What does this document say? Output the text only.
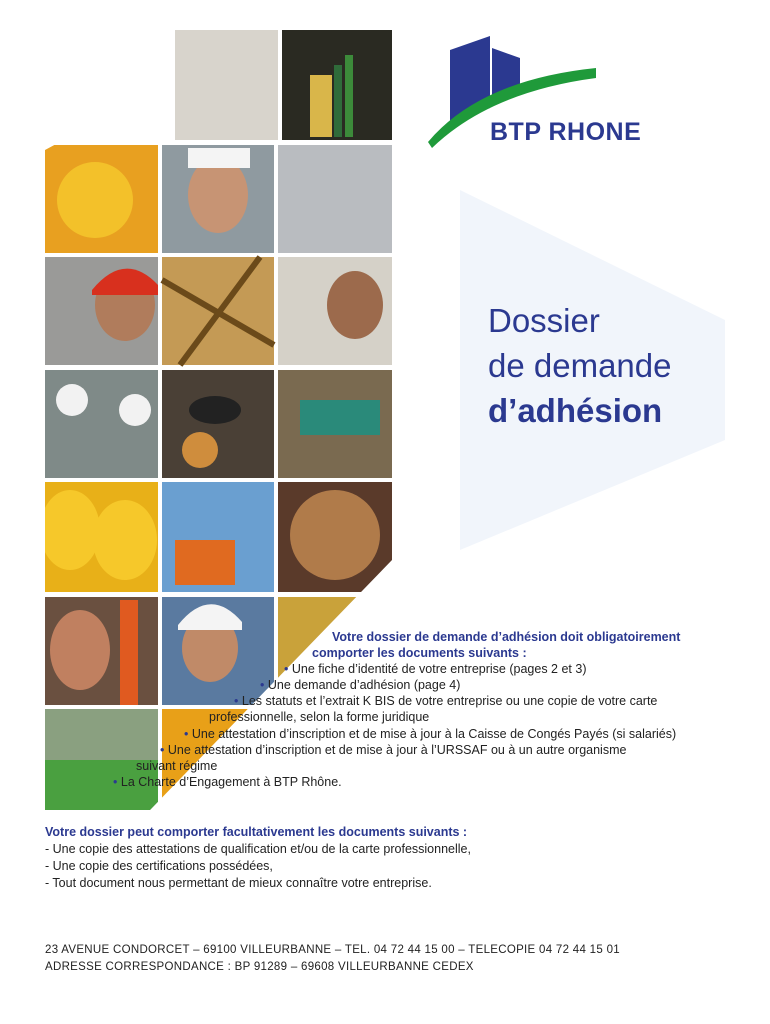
BTP RHONE
Dossier
de demande
d’adhésion
Votre dossier de demande d’adhésion doit obligatoirement
comporter les documents suivants :
• Une fiche d’identité de votre entreprise (pages 2 et 3)
• Une demande d’adhésion (page 4)
• Les statuts et l’extrait K BIS de votre entreprise ou une copie de votre carte
professionnelle, selon la forme juridique
• Une attestation d’inscription et de mise à jour à la Caisse de Congés Payés (si salariés)
• Une attestation d’inscription et de mise à jour à l’URSSAF ou à un autre organisme
suivant régime
• La Charte d’Engagement à BTP Rhône.
Votre dossier peut comporter facultativement les documents suivants :
- Une copie des attestations de qualification et/ou de la carte professionnelle,
- Une copie des certifications possédées,
- Tout document nous permettant de mieux connaître votre entreprise.
23 AVENUE CONDORCET – 69100 VILLEURBANNE – TEL. 04 72 44 15 00 – TELECOPIE 04 72 44 15 01
ADRESSE CORRESPONDANCE : BP 91289 – 69608 VILLEURBANNE CEDEX
